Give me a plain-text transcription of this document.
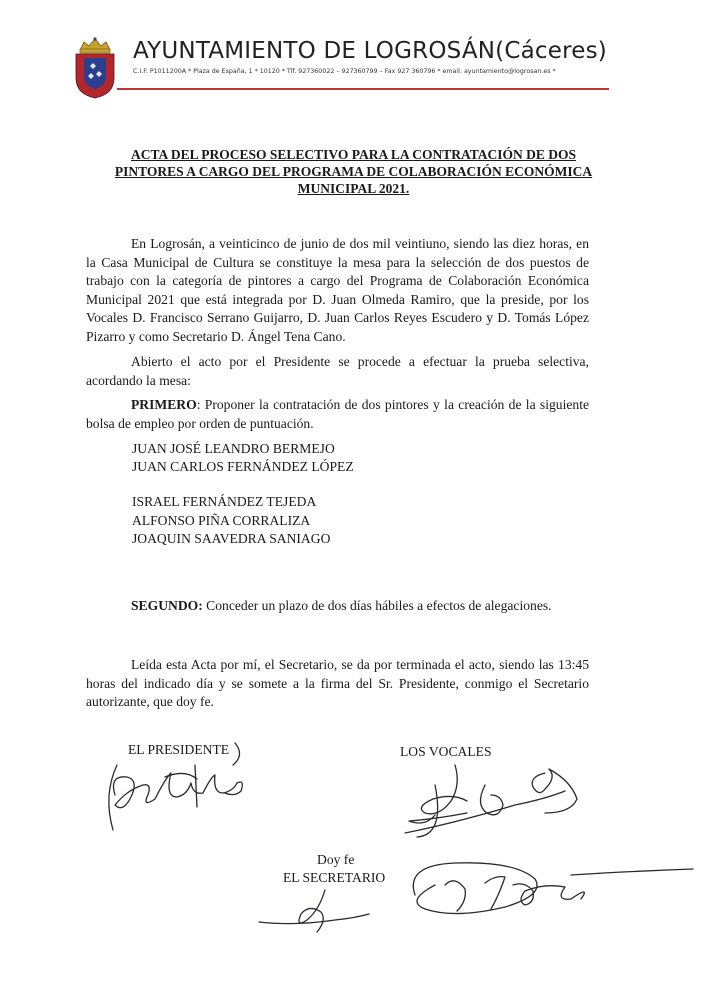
AYUNTAMIENTO DE LOGROSÁN(Cáceres)
C.I.F. P1011200A * Plaza de España, 1 * 10120 * Tlf. 927360022 – 927360799 – Fax 927 360796 * email: ayuntamiento@logrosan.es *
ACTA DEL PROCESO SELECTIVO PARA LA CONTRATACIÓN DE DOS
PINTORES A CARGO DEL PROGRAMA DE COLABORACIÓN ECONÓMICA
MUNICIPAL 2021.
En Logrosán, a veinticinco de junio de dos mil veintiuno, siendo las diez horas, en la Casa Municipal de Cultura se constituye la mesa para la selección de dos puestos de trabajo con la categoría de pintores a cargo del Programa de Colaboración Económica Municipal 2021 que está integrada por D. Juan Olmeda Ramiro, que la preside, por los Vocales D. Francisco Serrano Guijarro, D. Juan Carlos Reyes Escudero y D. Tomás López Pizarro y como Secretario D. Ángel Tena Cano.
Abierto el acto por el Presidente se procede a efectuar la prueba selectiva, acordando la mesa:
PRIMERO: Proponer la contratación de dos pintores y la creación de la siguiente bolsa de empleo por orden de puntuación.
JUAN JOSÉ LEANDRO BERMEJO
JUAN CARLOS FERNÁNDEZ LÓPEZ
ISRAEL FERNÁNDEZ TEJEDA
ALFONSO PIÑA CORRALIZA
JOAQUIN SAAVEDRA SANIAGO
SEGUNDO: Conceder un plazo de dos días hábiles a efectos de alegaciones.
Leída esta Acta por mí, el Secretario, se da por terminada el acto, siendo las 13:45 horas del indicado día y se somete a la firma del Sr. Presidente, conmigo el Secretario autorizante, que doy fe.
EL PRESIDENTE	LOS VOCALES
Doy fe
EL SECRETARIO
